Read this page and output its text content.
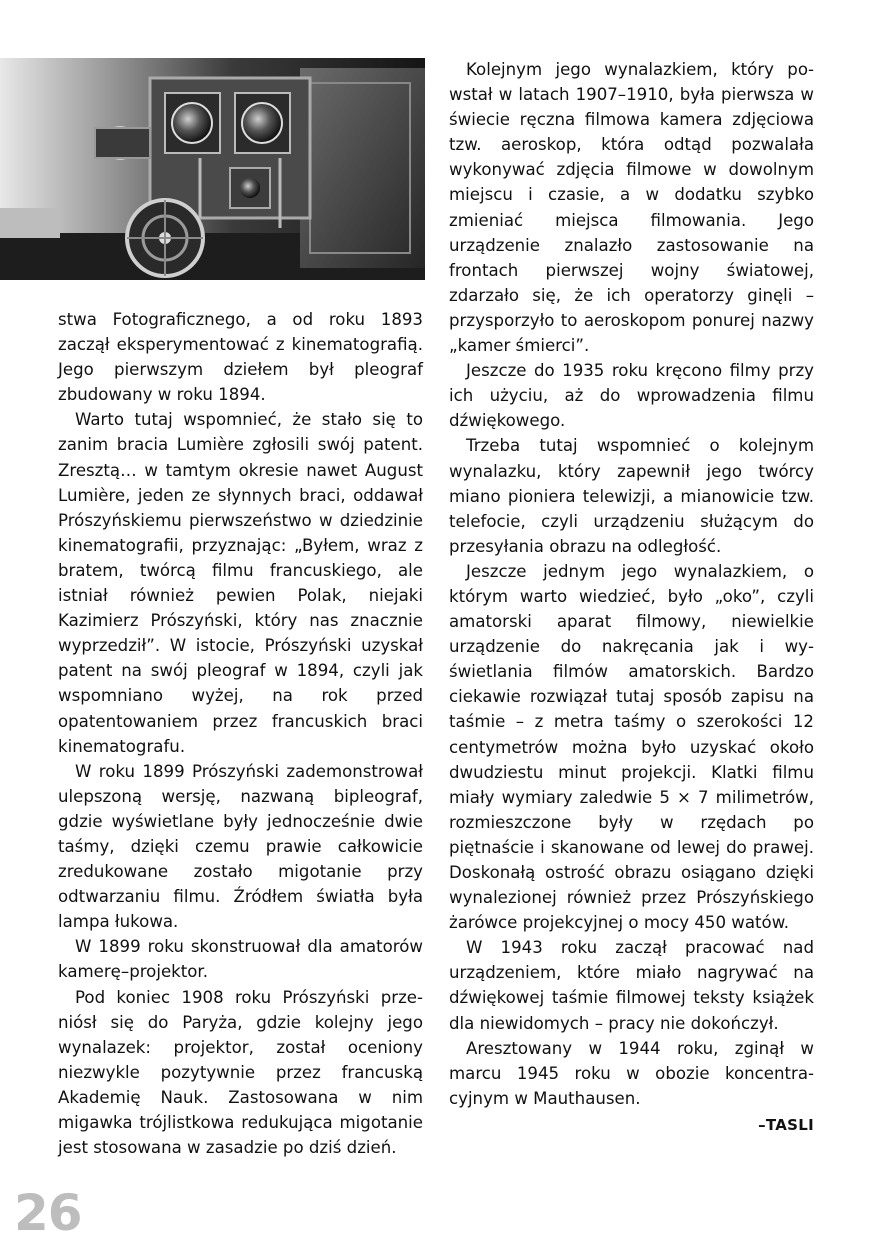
stwa Fotograficznego, a od roku 1893 zaczął eksperymentować z kinematografią. Jego pierwszym dziełem był pleograf zbudowany w roku 1894.

Warto tutaj wspomnieć, że stało się to zanim bracia Lumière zgłosili swój patent. Zresztą… w tamtym okresie nawet August Lumière, jeden ze słynnych braci, oddawał Prószyńskiemu pierwszeństwo w dziedzinie kinematografii, przyznając: „Byłem, wraz z bratem, twórcą filmu francuskiego, ale istniał również pewien Polak, niejaki Kazimierz Prószyński, który nas znacznie wyprzedził”. W istocie, Prószyński uzyskał patent na swój pleograf w 1894, czyli jak wspomniano wyżej, na rok przed opatentowaniem przez francuskich braci kinematografu.

W roku 1899 Prószyński zademonstrował ulepszoną wersję, nazwaną bipleograf, gdzie wyświetlane były jednocześnie dwie taśmy, dzięki czemu prawie całkowicie zredukowane zostało migotanie przy odtwarzaniu filmu. Źródłem światła była lampa łukowa.

W 1899 roku skonstruował dla amatorów kamerę–projektor.

Pod koniec 1908 roku Prószyński przeniósł się do Paryża, gdzie kolejny jego wynalazek: projektor, został oceniony niezwykle pozytywnie przez francuską Akademię Nauk. Zastosowana w nim migawka trójlistkowa redukująca migotanie jest stosowana w zasadzie po dziś dzień.

Kolejnym jego wynalazkiem, który powstał w latach 1907–1910, była pierwsza w świecie ręczna filmowa kamera zdjęciowa tzw. aeroskop, która odtąd pozwalała wykonywać zdjęcia filmowe w dowolnym miejscu i czasie, a w dodatku szybko zmieniać miejsca filmowania. Jego urządzenie znalazło zastosowanie na frontach pierwszej wojny światowej, zdarzało się, że ich operatorzy ginęli – przysporzyło to aeroskopom ponurej nazwy „kamer śmierci”.

Jeszcze do 1935 roku kręcono filmy przy ich użyciu, aż do wprowadzenia filmu dźwiękowego.

Trzeba tutaj wspomnieć o kolejnym wynalazku, który zapewnił jego twórcy miano pioniera telewizji, a mianowicie tzw. telefocie, czyli urządzeniu służącym do przesyłania obrazu na odległość.

Jeszcze jednym jego wynalazkiem, o którym warto wiedzieć, było „oko”, czyli amatorski aparat filmowy, niewielkie urządzenie do nakręcania jak i wyświetlania filmów amatorskich. Bardzo ciekawie rozwiązał tutaj sposób zapisu na taśmie – z metra taśmy o szerokości 12 centymetrów można było uzyskać około dwudziestu minut projekcji. Klatki filmu miały wymiary zaledwie 5 × 7 milimetrów, rozmieszczone były w rzędach po piętnaście i skanowane od lewej do prawej. Doskonałą ostrość obrazu osiągano dzięki wynalezionej również przez Prószyńskiego żarówce projekcyjnej o mocy 450 watów.

W 1943 roku zaczął pracować nad urządzeniem, które miało nagrywać na dźwiękowej taśmie filmowej teksty książek dla niewidomych – pracy nie dokończył.

Aresztowany w 1944 roku, zginął w marcu 1945 roku w obozie koncentracyjnym w Mauthausen.

–TASLI
26
